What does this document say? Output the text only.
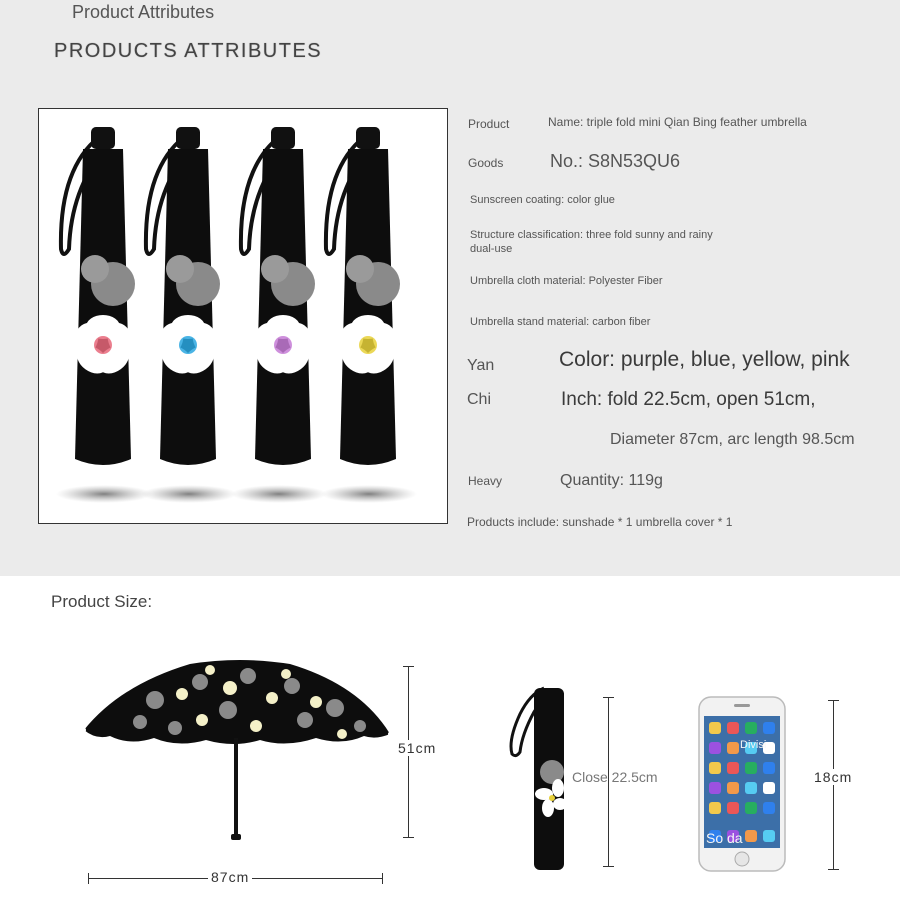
Product Attributes
PRODUCTS ATTRIBUTES
Product	Name: triple fold mini Qian Bing feather umbrella
Goods	No.: S8N53QU6
Sunscreen coating: color glue
Structure classification: three fold sunny and rainy
dual-use
Umbrella cloth material: Polyester Fiber
Umbrella stand material: carbon fiber
Yan	Color: purple, blue, yellow, pink
Chi	Inch: fold 22.5cm, open 51cm,
Diameter 87cm, arc length 98.5cm
Heavy	Quantity: 119g
Products include: sunshade * 1 umbrella cover * 1
Product Size:
51cm
87cm
Close 22.5cm
Divisi
So da
18cm
